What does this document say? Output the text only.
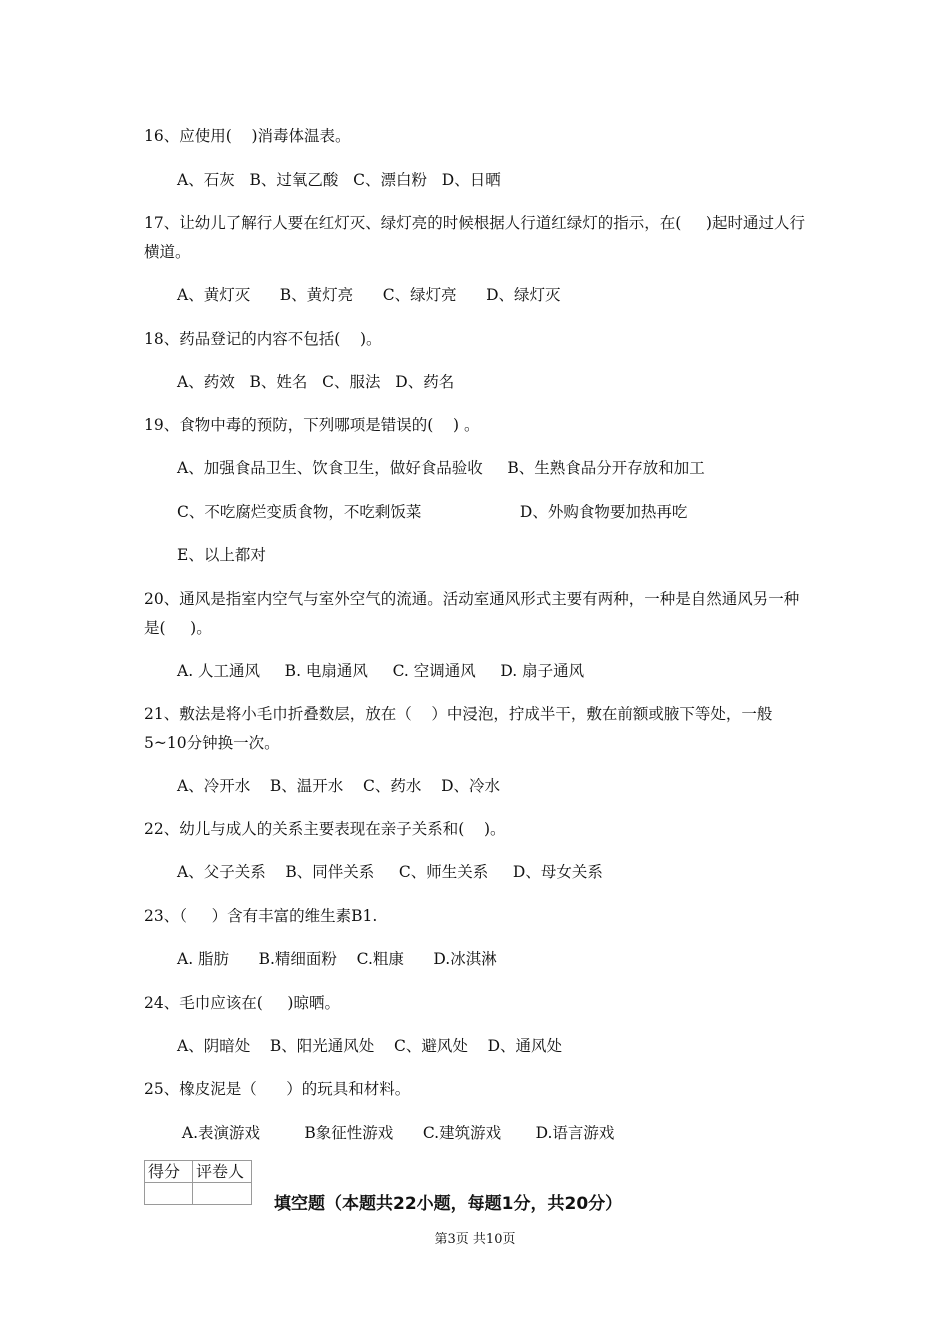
16、应使用(    )消毒体温表。
A、石灰   B、过氧乙酸   C、漂白粉   D、日晒
17、让幼儿了解行人要在红灯灭、绿灯亮的时候根据人行道红绿灯的指示，在(     )起时通过人行横道。
A、黄灯灭      B、黄灯亮      C、绿灯亮      D、绿灯灭
18、药品登记的内容不包括(    )。
A、药效   B、姓名   C、服法   D、药名
19、食物中毒的预防，下列哪项是错误的(    ) 。
A、加强食品卫生、饮食卫生，做好食品验收     B、生熟食品分开存放和加工
C、不吃腐烂变质食物，不吃剩饭菜                    D、外购食物要加热再吃
E、以上都对
20、通风是指室内空气与室外空气的流通。活动室通风形式主要有两种，一种是自然通风另一种是(     )。
A. 人工通风     B. 电扇通风     C. 空调通风     D. 扇子通风
21、敷法是将小毛巾折叠数层，放在（    ）中浸泡，拧成半干，敷在前额或腋下等处，一般5~10分钟换一次。
A、冷开水    B、温开水    C、药水    D、冷水
22、幼儿与成人的关系主要表现在亲子关系和(    )。
A、父子关系    B、同伴关系     C、师生关系     D、母女关系
23、（     ）含有丰富的维生素B1.
A. 脂肪      B.精细面粉    C.粗康      D.冰淇淋
24、毛巾应该在(     )晾晒。
A、阴暗处    B、阳光通风处    C、避风处    D、通风处
25、橡皮泥是（      ）的玩具和材料。
A.表演游戏         B象征性游戏      C.建筑游戏       D.语言游戏
得分	评卷人

填空题（本题共22小题，每题1分，共20分）
第3页 共10页
